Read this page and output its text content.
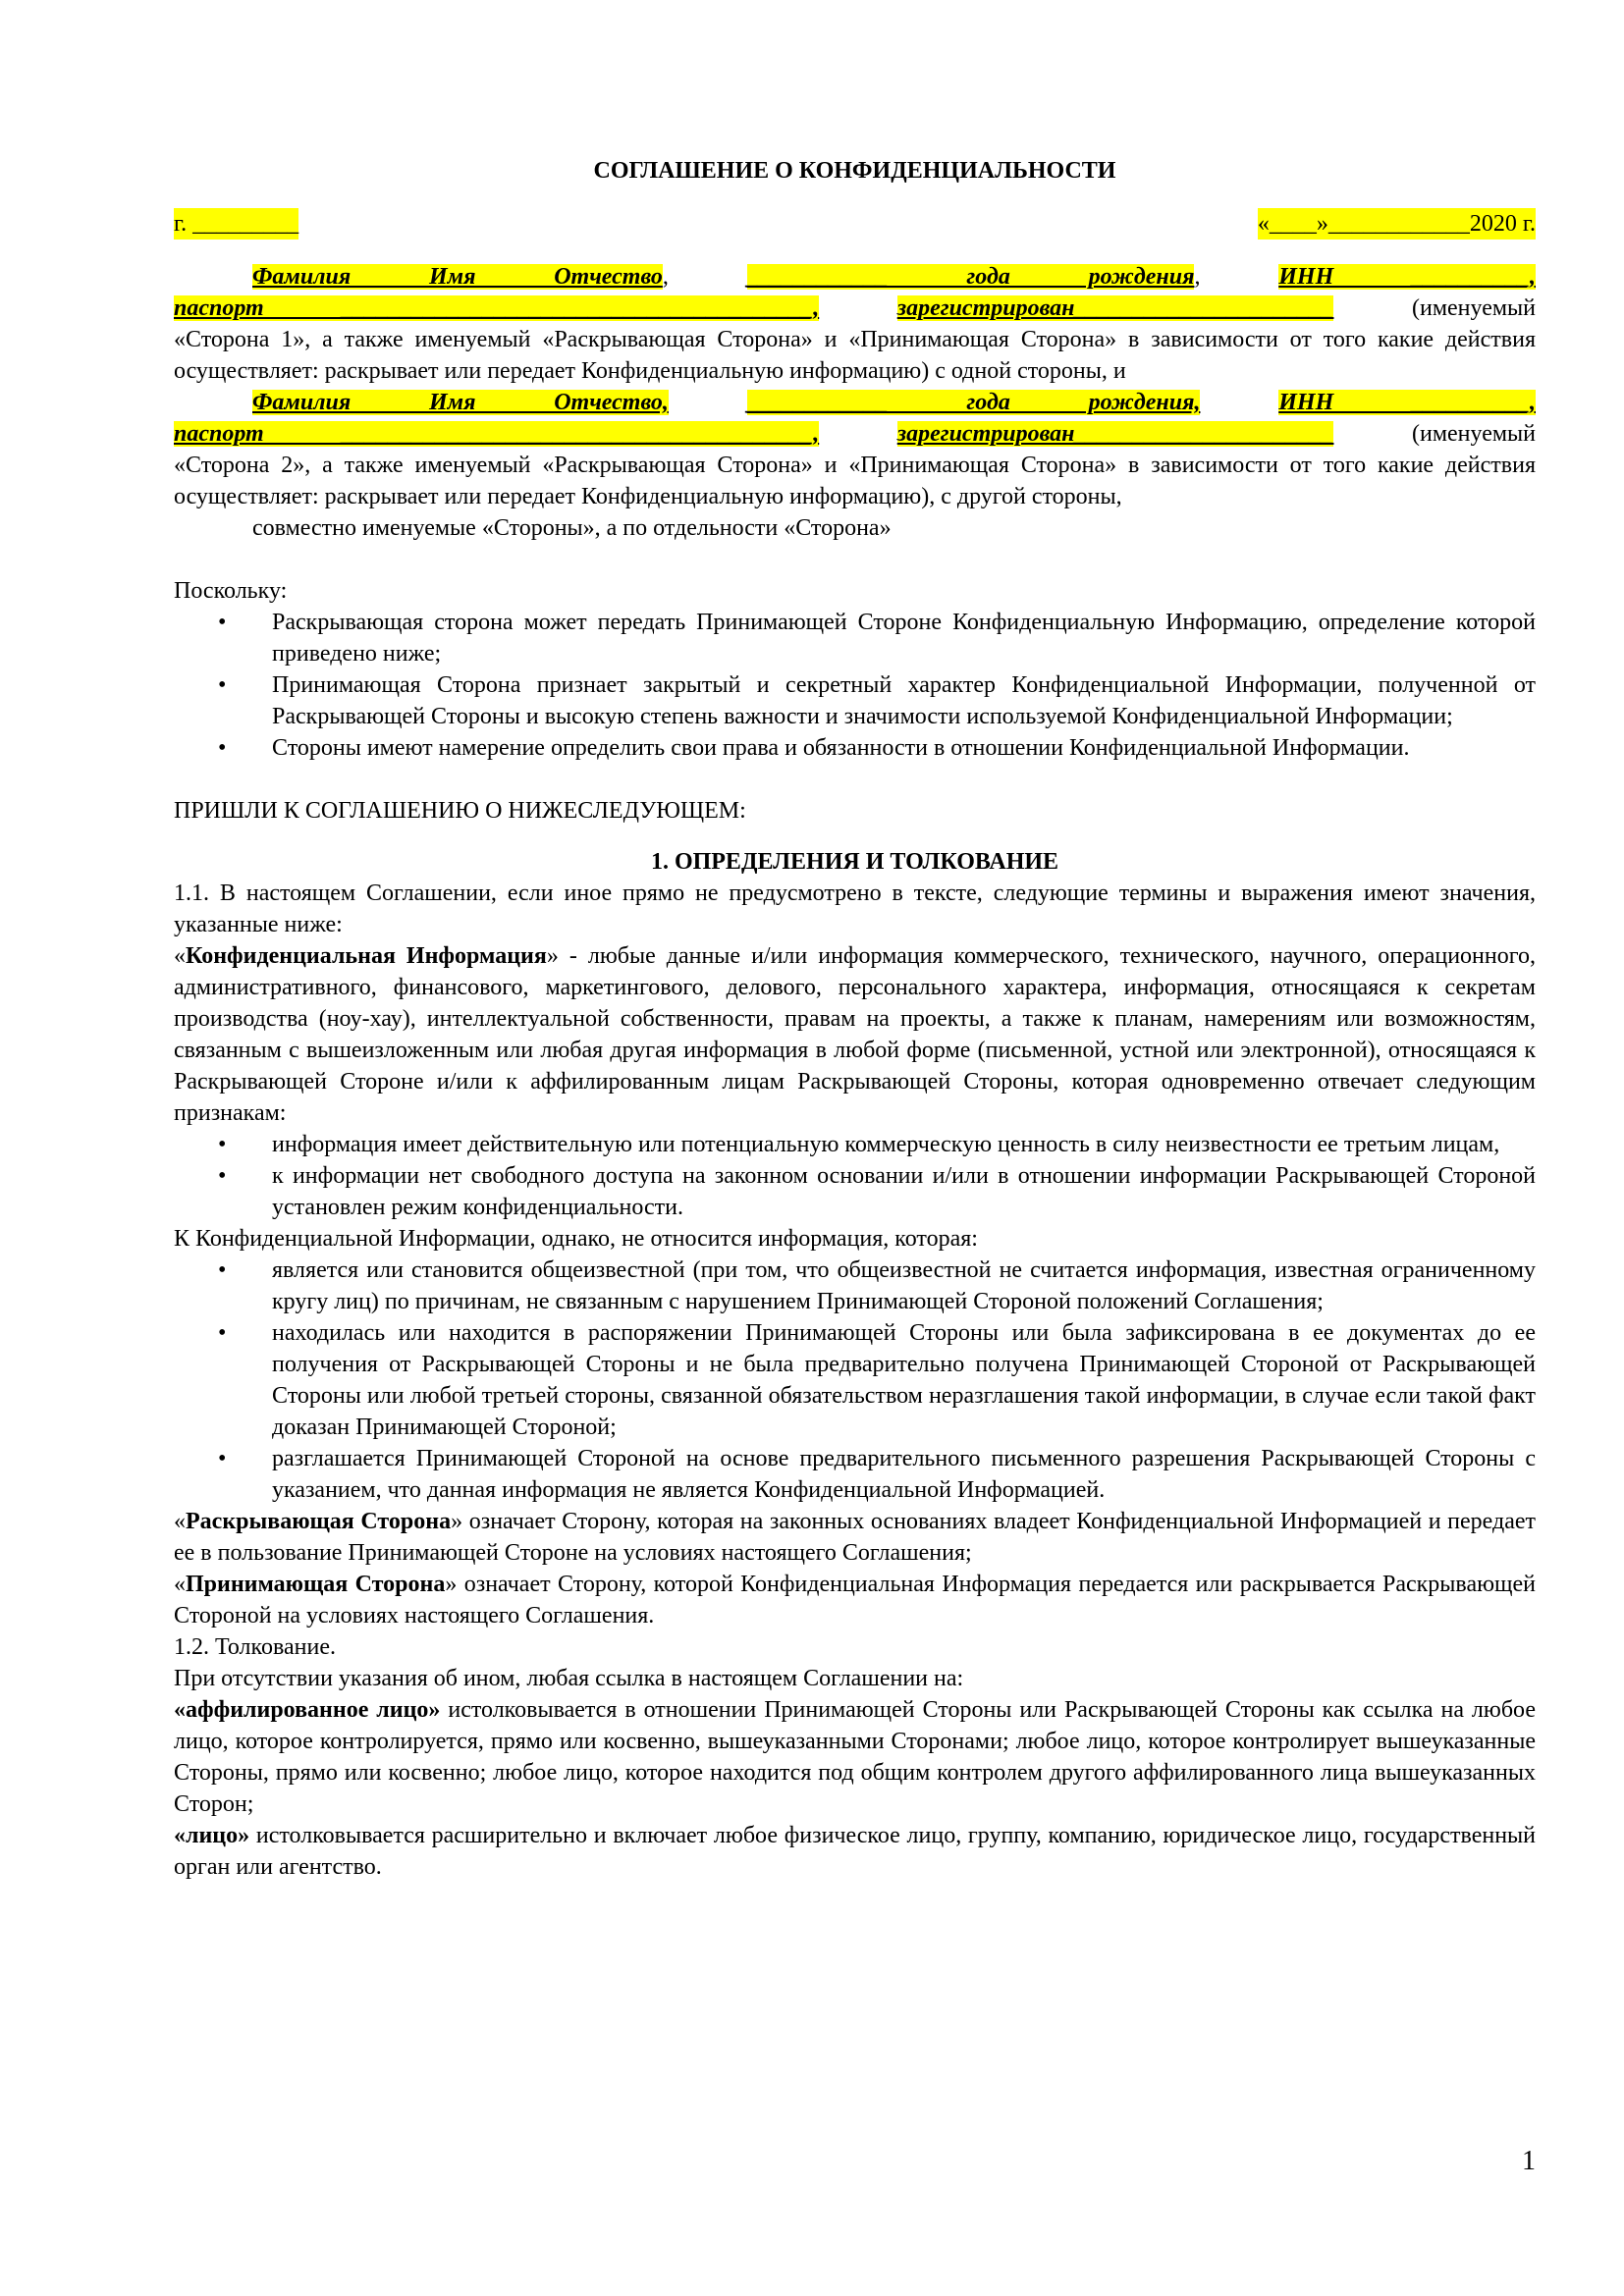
СОГЛАШЕНИЕ О КОНФИДЕНЦИАЛЬНОСТИ
г. _________	«____»____________2020 г.
Фамилия Имя Отчество, ____________ года рождения, ИНН __________,
паспорт ________________________________________,	зарегистрирован______________________	(именуемый
«Сторона 1», а также именуемый «Раскрывающая Сторона» и «Принимающая Сторона» в зависимости от того какие действия осуществляет: раскрывает или передает Конфиденциальную информацию) с одной стороны, и
Фамилия Имя Отчество,	____________ года рождения,	ИНН __________,
паспорт ________________________________________,	зарегистрирован______________________	(именуемый
«Сторона 2», а также именуемый «Раскрывающая Сторона» и «Принимающая Сторона» в зависимости от того какие действия осуществляет: раскрывает или передает Конфиденциальную информацию), с другой стороны,
совместно именуемые «Стороны», а по отдельности «Сторона»
Поскольку:
• Раскрывающая сторона может передать Принимающей Стороне Конфиденциальную Информацию, определение которой приведено ниже;
• Принимающая Сторона признает закрытый и секретный характер Конфиденциальной Информации, полученной от Раскрывающей Стороны и высокую степень важности и значимости используемой Конфиденциальной Информации;
• Стороны имеют намерение определить свои права и обязанности в отношении Конфиденциальной Информации.
ПРИШЛИ К СОГЛАШЕНИЮ О НИЖЕСЛЕДУЮЩЕМ:
1. ОПРЕДЕЛЕНИЯ И ТОЛКОВАНИЕ
1.1. В настоящем Соглашении, если иное прямо не предусмотрено в тексте, следующие термины и выражения имеют значения, указанные ниже:
«Конфиденциальная Информация» - любые данные и/или информация коммерческого, технического, научного, операционного, административного, финансового, маркетингового, делового, персонального характера, информация, относящаяся к секретам производства (ноу-хау), интеллектуальной собственности, правам на проекты, а также к планам, намерениям или возможностям, связанным с вышеизложенным или любая другая информация в любой форме (письменной, устной или электронной), относящаяся к Раскрывающей Стороне и/или к аффилированным лицам Раскрывающей Стороны, которая одновременно отвечает следующим признакам:
• информация имеет действительную или потенциальную коммерческую ценность в силу неизвестности ее третьим лицам,
• к информации нет свободного доступа на законном основании и/или в отношении информации Раскрывающей Стороной установлен режим конфиденциальности.
К Конфиденциальной Информации, однако, не относится информация, которая:
• является или становится общеизвестной (при том, что общеизвестной не считается информация, известная ограниченному кругу лиц) по причинам, не связанным с нарушением Принимающей Стороной положений Соглашения;
• находилась или находится в распоряжении Принимающей Стороны или была зафиксирована в ее документах до ее получения от Раскрывающей Стороны и не была предварительно получена Принимающей Стороной от Раскрывающей Стороны или любой третьей стороны, связанной обязательством неразглашения такой информации, в случае если такой факт доказан Принимающей Стороной;
• разглашается Принимающей Стороной на основе предварительного письменного разрешения Раскрывающей Стороны с указанием, что данная информация не является Конфиденциальной Информацией.
«Раскрывающая Сторона» означает Сторону, которая на законных основаниях владеет Конфиденциальной Информацией и передает ее в пользование Принимающей Стороне на условиях настоящего Соглашения;
«Принимающая Сторона» означает Сторону, которой Конфиденциальная Информация передается или раскрывается Раскрывающей Стороной на условиях настоящего Соглашения.
1.2. Толкование.
При отсутствии указания об ином, любая ссылка в настоящем Соглашении на:
«аффилированное лицо» истолковывается в отношении Принимающей Стороны или Раскрывающей Стороны как ссылка на любое лицо, которое контролируется, прямо или косвенно, вышеуказанными Сторонами; любое лицо, которое контролирует вышеуказанные Стороны, прямо или косвенно; любое лицо, которое находится под общим контролем другого аффилированного лица вышеуказанных Сторон;
«лицо» истолковывается расширительно и включает любое физическое лицо, группу, компанию, юридическое лицо, государственный орган или агентство.
1
